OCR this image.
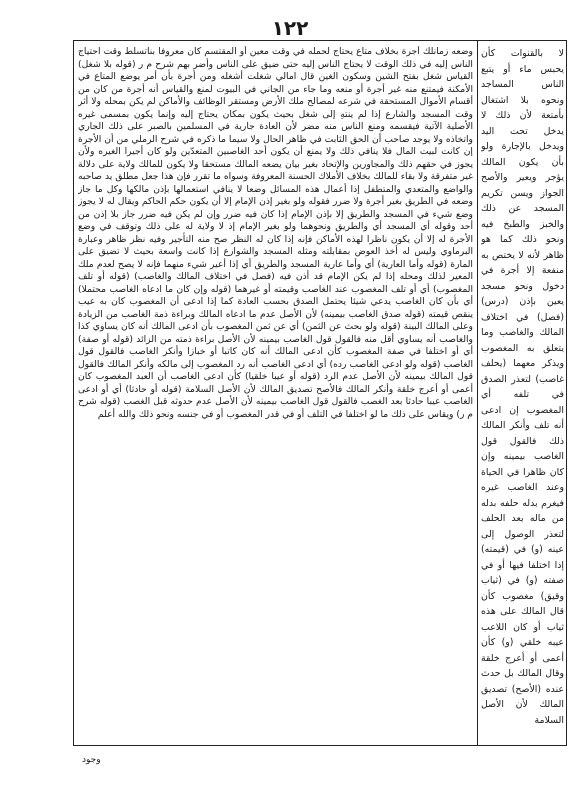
١٢٢

وضعه زمانلك أجرة بخلاف متاع يحتاج لحمله في وقت معين أو المقتسم كان معروفا بناتسلط وقت احتياج الناس إليه في ذلك الوقت لا يحتاج الناس إليه حتى ضيق على الناس وأضر بهم شرح م ر (قوله بلا شغل) القياس شغل بفتح الشين وسكون الغين قال امالي شغلت أشغله ومن أجرة بأن أمر يوضع المتاع في الأمكنة فيمتنع منه غير أجرة أو منعه وما جاء من الجاني في البيوت لمنع والقياس أنه أجرة من كان من أقسام الأموال المستحقة في شرعه لمصالح ملك الأرض ومستقر الوظائف والأماكن لم يكن بمحله ولا أثر وقت المسجد والشارع إذا لم ينتهِ إلى شغل بحيث يكون بمكان يحتاج إليه وإنما يكون بمسمى غيره الأصلية الآتية فيقسمه ومنع الناس منه مضر لأن العادة جارية في المسلمين بالصبر على ذلك الجاري واتخاذه ولا يوجد صاحب أن الحق الثابت في ظاهر الحال ولا سيما ما ذكره في شرح الرملي من أن الأجرة إن كانت لبيت المال فلا ينافي ذلك ولا يمنع أن يكون أحد الغاصبين المتعدّين ولو كان أجيرا الغيره ولأن يجوز في حقهم ذلك والمجاورين والإتحاد بغير بيان يضعه المالك مستحقا ولا يكون للمالك ولاية على دلالة غير متفرقة ولا بقاء للمالك بخلاف الأملاك الحسنة المعروفة وسواه ما تقرر فإن هذا جعل مطلق يد صاحبه والواضع والمتعدي والمتطفل إذا أعمال هذه المسائل وضعا لا ينافي استعمالها بإذن مالكها وكل ما جاز وضعه في الطريق بغير أجرة ولا ضرر فقوله ولو بغير إذن الإمام إلا أن يكون حكم الحاكم ويقال له لا يجوز وضع شيء في المسجد والطريق إلا بإذن الإمام إذا كان فيه ضرر وإن لم يكن فيه ضرر جاز بلا إذن من أحد وقوله أي المسجد أي والطريق ونحوهما ولو بغير الإمام إذ لا ولاية له على ذلك وتوقف في وضع الأجرة له إلا أن يكون ناظرا لهذه الأماكن فإنه إذا كان له النظر صح منه التأجير وفيه نظر ظاهر وعبارة البرماوي وليس له أخذ العوض بمقابلته ومثله المسجد والشوارع إذا كانت واسعة بحيث لا تضيق على المارة (قوله وأما العارية) أي وأما عارية المسجد والطريق أي إذا أعير شيء منهما فإنه لا يصح لعدم ملك المعير لذلك ومحله إذا لم يكن الإمام قد أذن فيه (فصل في اختلاف المالك والغاصب) (قوله أو تلف المغصوب) أي أو تلف المغصوب عند الغاصب وقيمته أو غيرهما (قوله وإن كان ما ادعاه الغاصب محتملا) أي بأن كان الغاصب يدعي شيئا يحتمل الصدق بحسب العادة كما إذا ادعى أن المغصوب كان به عيب ينقص قيمته (قوله صدق الغاصب بيمينه) لأن الأصل عدم ما ادعاه المالك وبراءة ذمة الغاصب من الزيادة وعلى المالك البينة (قوله ولو بحث عن الثمن) أي عن ثمن المغصوب بأن ادعى المالك أنه كان يساوي كذا والغاصب أنه يساوي أقل منه فالقول قول الغاصب بيمينه لأن الأصل براءة ذمته من الزائد (قوله أو صفة) أي أو اختلفا في صفة المغصوب كأن ادعى المالك أنه كان كاتبا أو خبازا وأنكر الغاصب فالقول قول الغاصب (قوله ولو ادعى الغاصب رده) أي ادعى الغاصب أنه رد المغصوب إلى مالكه وأنكر المالك فالقول قول المالك بيمينه لأن الأصل عدم الرد (قوله أو عيبا خلقيا) كأن ادعى الغاصب أن العبد المغصوب كان أعمى أو أعرج خلقة وأنكر المالك فالأصح تصديق المالك لأن الأصل السلامة (قوله أو حادثا) أي أو ادعى الغاصب عيبا حادثا بعد الغصب فالقول قول الغاصب بيمينه لأن الأصل عدم حدوثه قبل الغصب (قوله شرح م ر) ويقاس على ذلك ما لو اختلفا في التلف أو في قدر المغصوب أو في جنسه ونحو ذلك والله أعلم

لا بالقنوات كأن يحبس ماء أو يتبع الناس المساجد ونحوه بلا اشتغال بأمتعة لأن ذلك لا يدخل تحت اليد ويدخل بالإجارة ولو بأن يكون المالك يؤجر ويعير والأصح الجواز ويسن تكريم المسجد عن ذلك والخبز والطبخ فيه ونحو ذلك كما هو ظاهر لأنه لا يختص به منفعة إلا أجرة في دخول ونحو مسجد يعين بإذن (درس) (فصل) في اختلاف المالك والغاصب وما يتعلق به المغصوب ويذكر معهما (يحلف غاصب) لتعذر الصدق في تلفه أي المغصوب إن ادعى أنه تلف وأنكر المالك ذلك فالقول قول الغاصب بيمينه وإن كان ظاهرا في الحياة وعند الغاصب غيره فيغرم بدله حلفه بدله من ماله بعد الحلف لتعذر الوصول إلى عينه (و) في (قيمته) إذا اختلفا فيها أو في صفته (و) في (ثياب وقيق) مغصوب كأن قال المالك على هذه ثياب أو كان اللاعب عيبه خلقي (و) كأن أعمى أو أعرج خلقة وقال المالك بل حدث عنده (الأصح) تصديق المالك لأن الأصل السلامة

وجود
